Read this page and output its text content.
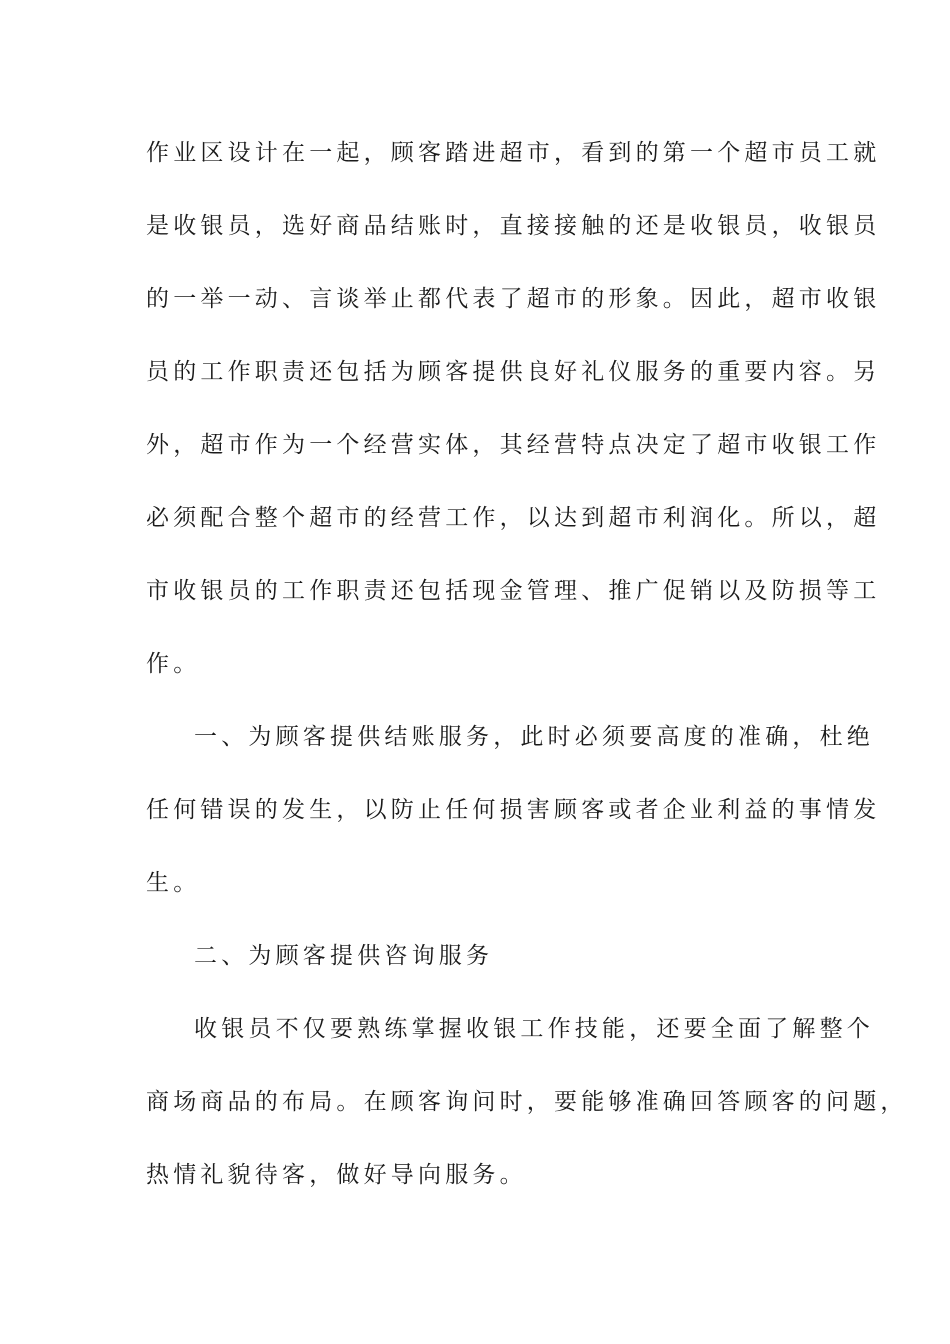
作业区设计在一起，顾客踏进超市，看到的第一个超市员工就
是收银员，选好商品结账时，直接接触的还是收银员，收银员
的一举一动、言谈举止都代表了超市的形象。因此，超市收银
员的工作职责还包括为顾客提供良好礼仪服务的重要内容。另
外，超市作为一个经营实体，其经营特点决定了超市收银工作
必须配合整个超市的经营工作，以达到超市利润化。所以，超
市收银员的工作职责还包括现金管理、推广促销以及防损等工
作。
一、为顾客提供结账服务，此时必须要高度的准确，杜绝
任何错误的发生，以防止任何损害顾客或者企业利益的事情发
生。
二、为顾客提供咨询服务
收银员不仅要熟练掌握收银工作技能，还要全面了解整个
商场商品的布局。在顾客询问时，要能够准确回答顾客的问题，
热情礼貌待客，做好导向服务。
